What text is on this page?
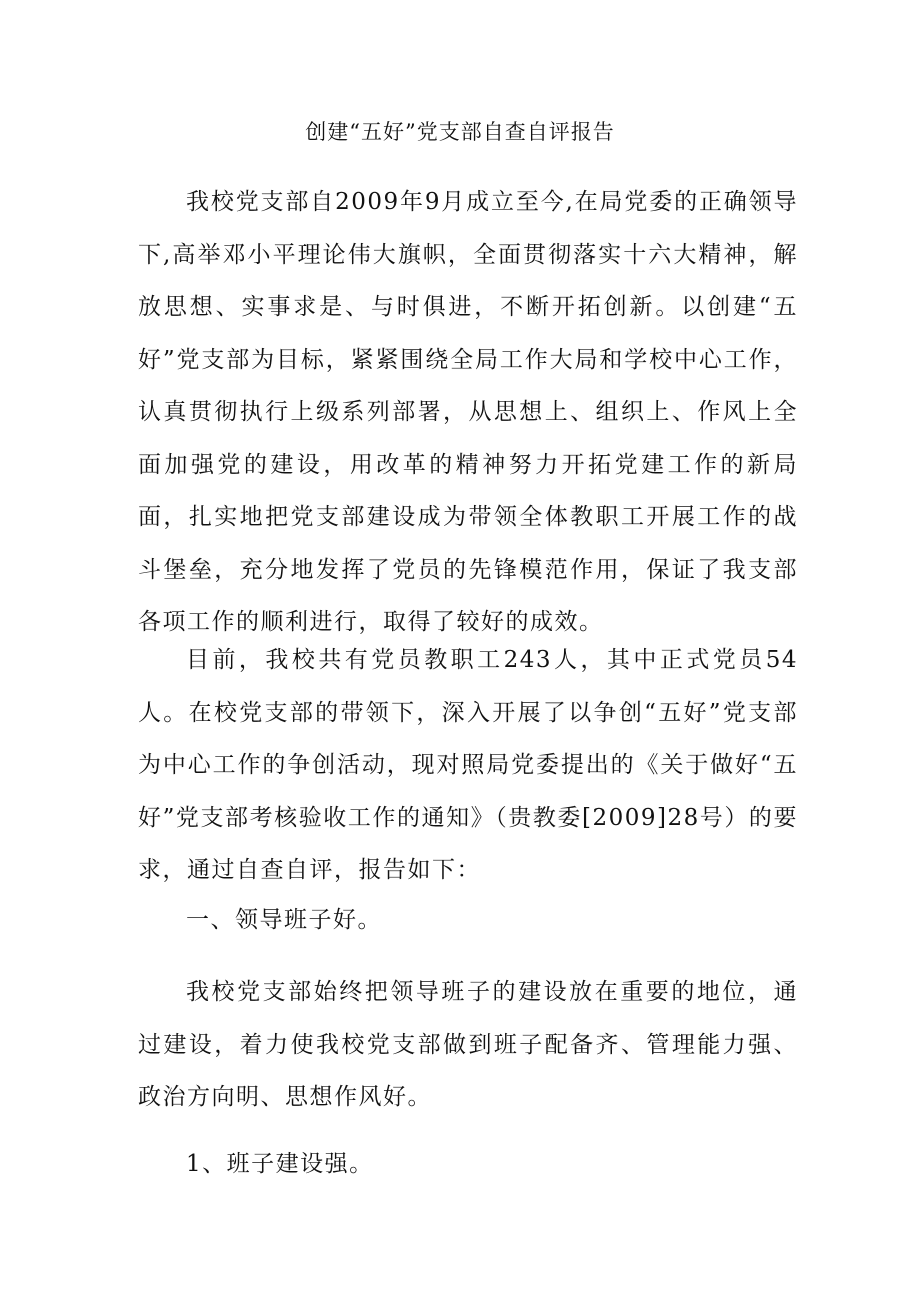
创建“五好”党支部自查自评报告

我校党支部自2009年9月成立至今,在局党委的正确领导下,高举邓小平理论伟大旗帜，全面贯彻落实十六大精神，解放思想、实事求是、与时俱进，不断开拓创新。以创建“五好”党支部为目标，紧紧围绕全局工作大局和学校中心工作，认真贯彻执行上级系列部署，从思想上、组织上、作风上全面加强党的建设，用改革的精神努力开拓党建工作的新局面，扎实地把党支部建设成为带领全体教职工开展工作的战斗堡垒，充分地发挥了党员的先锋模范作用，保证了我支部各项工作的顺利进行，取得了较好的成效。

目前，我校共有党员教职工243人，其中正式党员54人。在校党支部的带领下，深入开展了以争创“五好”党支部为中心工作的争创活动，现对照局党委提出的《关于做好“五好”党支部考核验收工作的通知》（贵教委[2009]28号）的要求，通过自查自评，报告如下：

一、领导班子好。

我校党支部始终把领导班子的建设放在重要的地位，通过建设，着力使我校党支部做到班子配备齐、管理能力强、政治方向明、思想作风好。

1、班子建设强。
